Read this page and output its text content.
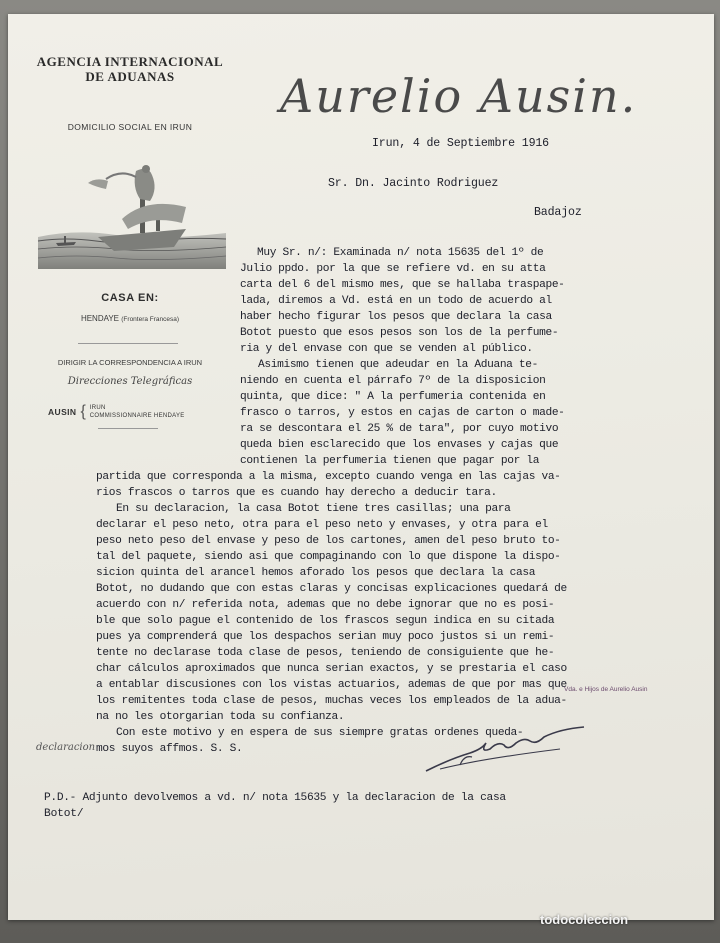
AGENCIA INTERNACIONAL
DE ADUANAS
DOMICILIO SOCIAL EN IRUN
CASA EN:
HENDAYE (Frontera Francesa)
DIRIGIR LA CORRESPONDENCIA A IRUN
Direcciones Telegráficas
AUSIN { IRUN
COMMISSIONNAIRE HENDAYE
Aurelio Ausin.
Irun, 4 de Septiembre 1916
Sr. Dn. Jacinto Rodriguez
Badajoz
Muy Sr. n/: Examinada n/ nota 15635 del 1º de
Julio ppdo. por la que se refiere vd. en su atta
carta del 6 del mismo mes, que se hallaba traspape-
lada, diremos a Vd. está en un todo de acuerdo al
haber hecho figurar los pesos que declara la casa
Botot puesto que esos pesos son los de la perfume-
ria y del envase con que se venden al público.
Asimismo tienen que adeudar en la Aduana te-
niendo en cuenta el párrafo 7º de la disposicion
quinta, que dice: " A la perfumeria contenida en
frasco o tarros, y estos en cajas de carton o made-
ra se descontara el 25 % de tara", por cuyo motivo
queda bien esclarecido que los envases y cajas que
contienen la perfumeria tienen que pagar por la
partida que corresponda a la misma, excepto cuando venga en las cajas va-
rios frascos o tarros que es cuando hay derecho a deducir tara.
En su declaracion, la casa Botot tiene tres casillas; una para
declarar el peso neto, otra para el peso neto y envases, y otra para el
peso neto peso del envase y peso de los cartones, amen del peso bruto to-
tal del paquete, siendo asi que compaginando con lo que dispone la dispo-
sicion quinta del arancel hemos aforado los pesos que declara la casa
Botot, no dudando que con estas claras y concisas explicaciones quedará de
acuerdo con n/ referida nota, ademas que no debe ignorar que no es posi-
ble que solo pague el contenido de los frascos segun indica en su citada
pues ya comprenderá que los despachos serian muy poco justos si un remi-
tente no declarase toda clase de pesos, teniendo de consiguiente que he-
char cálculos aproximados que nunca serian exactos, y se prestaria el caso
a entablar discusiones con los vistas actuarios, ademas de que por mas que
los remitentes toda clase de pesos, muchas veces los empleados de la adua-
na no les otorgarian toda su confianza.
Con este motivo y en espera de sus siempre gratas ordenes queda-
mos suyos affmos. S. S.
Vda. e Hijos de Aurelio Ausin
declaracion
P.D.- Adjunto devolvemos a vd. n/ nota 15635 y la declaracion de la casa
Botot/
todocoleccion
